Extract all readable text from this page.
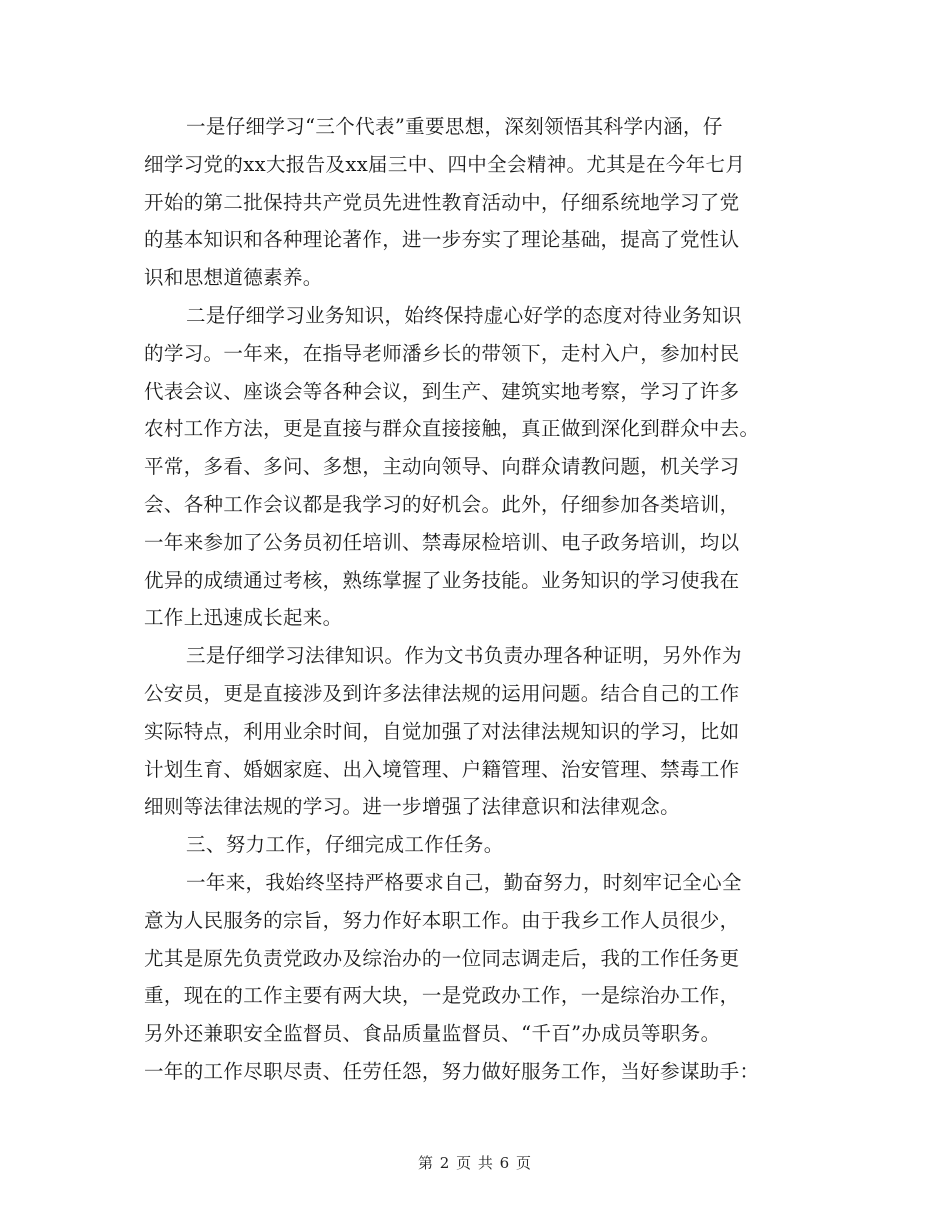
一是仔细学习“三个代表”重要思想，深刻领悟其科学内涵，仔
细学习党的xx大报告及xx届三中、四中全会精神。尤其是在今年七月
开始的第二批保持共产党员先进性教育活动中，仔细系统地学习了党
的基本知识和各种理论著作，进一步夯实了理论基础，提高了党性认
识和思想道德素养。
二是仔细学习业务知识，始终保持虚心好学的态度对待业务知识
的学习。一年来，在指导老师潘乡长的带领下，走村入户，参加村民
代表会议、座谈会等各种会议，到生产、建筑实地考察，学习了许多
农村工作方法，更是直接与群众直接接触，真正做到深化到群众中去。
平常，多看、多问、多想，主动向领导、向群众请教问题，机关学习
会、各种工作会议都是我学习的好机会。此外，仔细参加各类培训，
一年来参加了公务员初任培训、禁毒尿检培训、电子政务培训，均以
优异的成绩通过考核，熟练掌握了业务技能。业务知识的学习使我在
工作上迅速成长起来。
三是仔细学习法律知识。作为文书负责办理各种证明，另外作为
公安员，更是直接涉及到许多法律法规的运用问题。结合自己的工作
实际特点，利用业余时间，自觉加强了对法律法规知识的学习，比如
计划生育、婚姻家庭、出入境管理、户籍管理、治安管理、禁毒工作
细则等法律法规的学习。进一步增强了法律意识和法律观念。
三、努力工作，仔细完成工作任务。
一年来，我始终坚持严格要求自己，勤奋努力，时刻牢记全心全
意为人民服务的宗旨，努力作好本职工作。由于我乡工作人员很少，
尤其是原先负责党政办及综治办的一位同志调走后，我的工作任务更
重，现在的工作主要有两大块，一是党政办工作，一是综治办工作，
另外还兼职安全监督员、食品质量监督员、“千百”办成员等职务。
一年的工作尽职尽责、任劳任怨，努力做好服务工作，当好参谋助手：
第 2 页 共 6 页
